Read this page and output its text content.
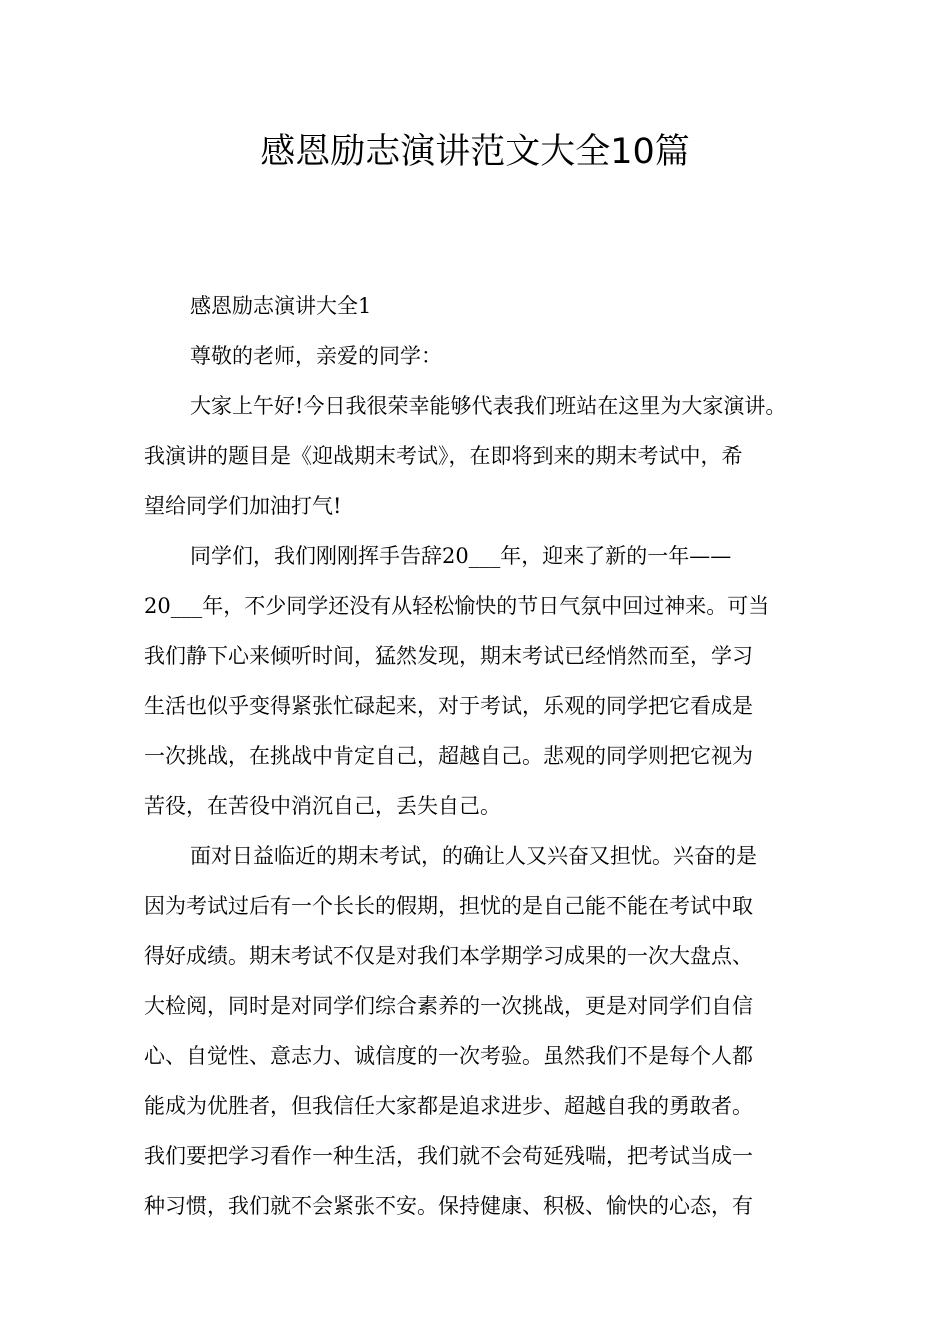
感恩励志演讲范文大全10篇

感恩励志演讲大全1

尊敬的老师，亲爱的同学：

大家上午好!今日我很荣幸能够代表我们班站在这里为大家演讲。

我演讲的题目是《迎战期末考试》，在即将到来的期末考试中，希

望给同学们加油打气!

同学们，我们刚刚挥手告辞20___年，迎来了新的一年——

20___年，不少同学还没有从轻松愉快的节日气氛中回过神来。可当

我们静下心来倾听时间，猛然发现，期末考试已经悄然而至，学习

生活也似乎变得紧张忙碌起来，对于考试，乐观的同学把它看成是

一次挑战，在挑战中肯定自己，超越自己。悲观的同学则把它视为

苦役，在苦役中消沉自己，丢失自己。

面对日益临近的期末考试，的确让人又兴奋又担忧。兴奋的是

因为考试过后有一个长长的假期，担忧的是自己能不能在考试中取

得好成绩。期末考试不仅是对我们本学期学习成果的一次大盘点、

大检阅，同时是对同学们综合素养的一次挑战，更是对同学们自信

心、自觉性、意志力、诚信度的一次考验。虽然我们不是每个人都

能成为优胜者，但我信任大家都是追求进步、超越自我的勇敢者。

我们要把学习看作一种生活，我们就不会苟延残喘，把考试当成一

种习惯，我们就不会紧张不安。保持健康、积极、愉快的心态，有
